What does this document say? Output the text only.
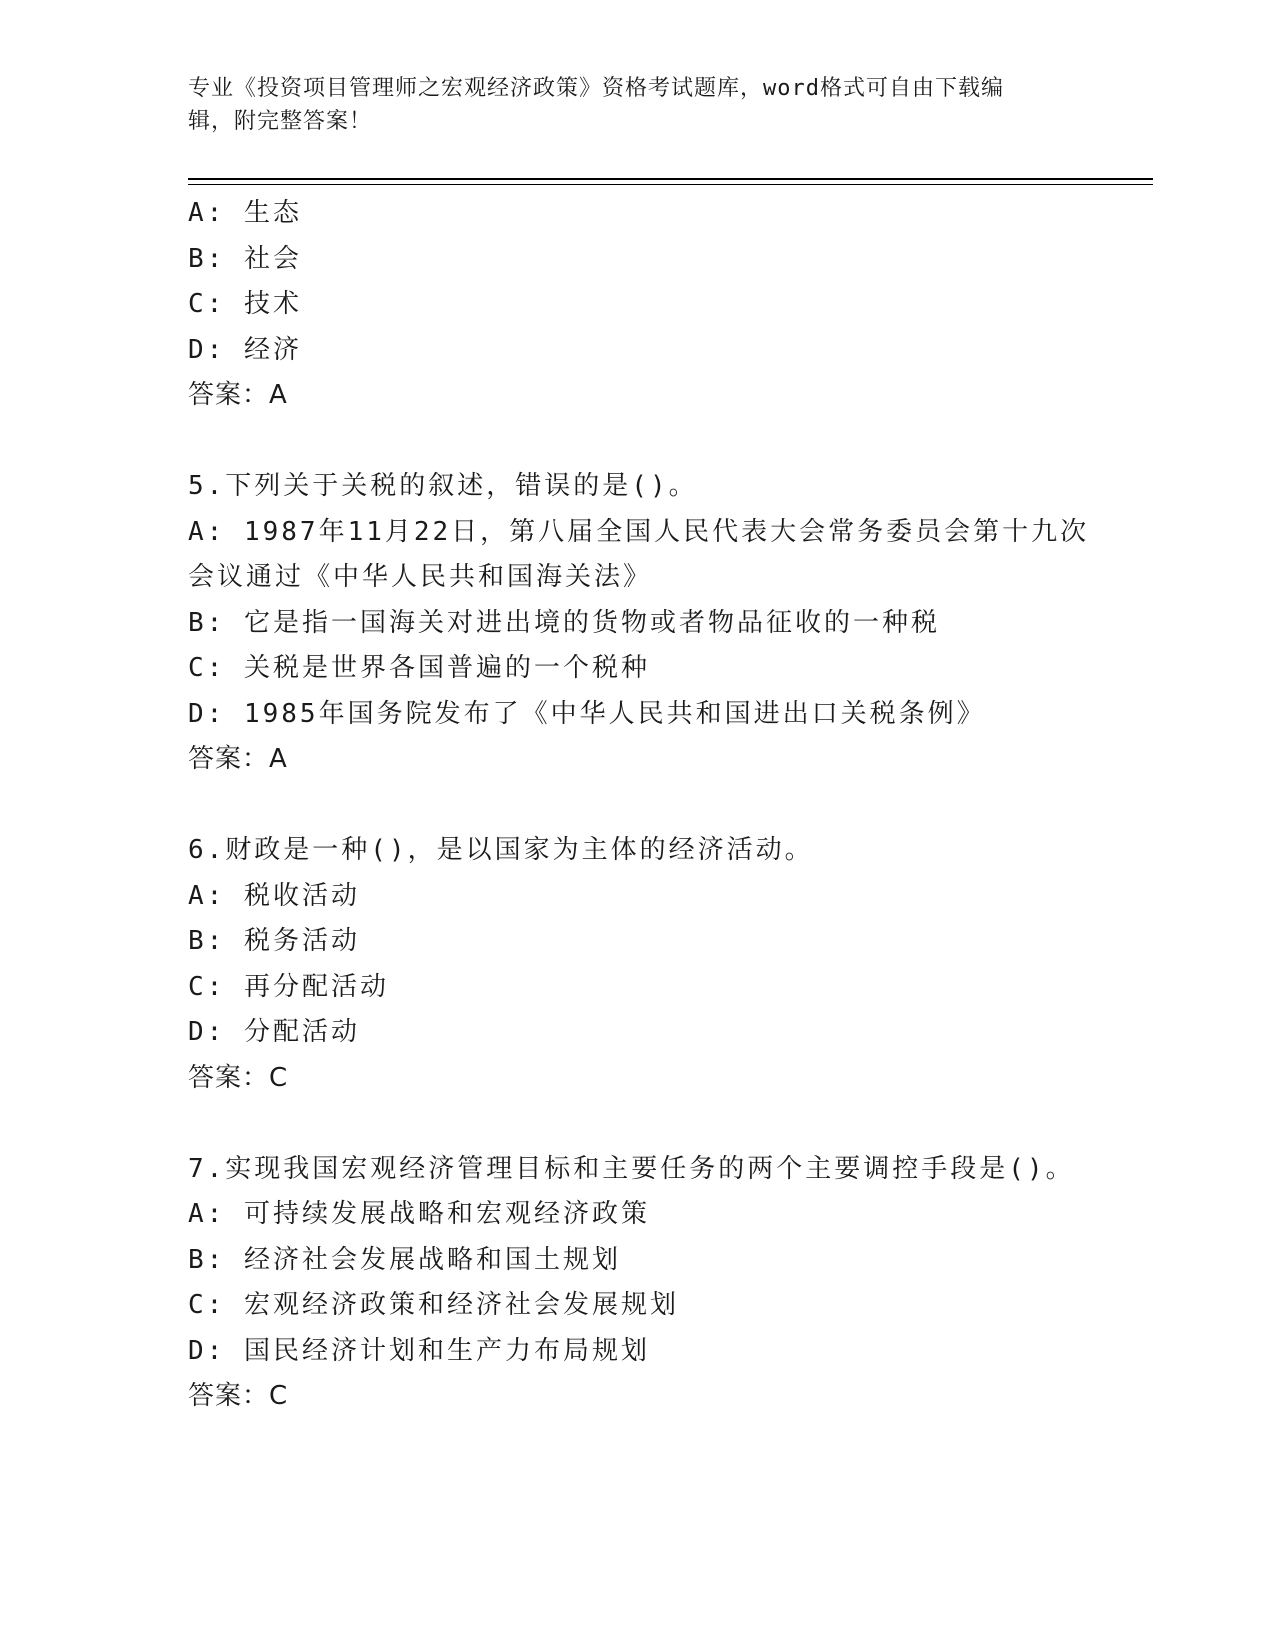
专业《投资项目管理师之宏观经济政策》资格考试题库，word格式可自由下载编
辑，附完整答案！
A: 生态
B: 社会
C: 技术
D: 经济
答案：A
5.下列关于关税的叙述，错误的是()。
A: 1987年11月22日，第八届全国人民代表大会常务委员会第十九次
会议通过《中华人民共和国海关法》
B: 它是指一国海关对进出境的货物或者物品征收的一种税
C: 关税是世界各国普遍的一个税种
D: 1985年国务院发布了《中华人民共和国进出口关税条例》
答案：A
6.财政是一种()，是以国家为主体的经济活动。
A: 税收活动
B: 税务活动
C: 再分配活动
D: 分配活动
答案：C
7.实现我国宏观经济管理目标和主要任务的两个主要调控手段是()。
A: 可持续发展战略和宏观经济政策
B: 经济社会发展战略和国土规划
C: 宏观经济政策和经济社会发展规划
D: 国民经济计划和生产力布局规划
答案：C
